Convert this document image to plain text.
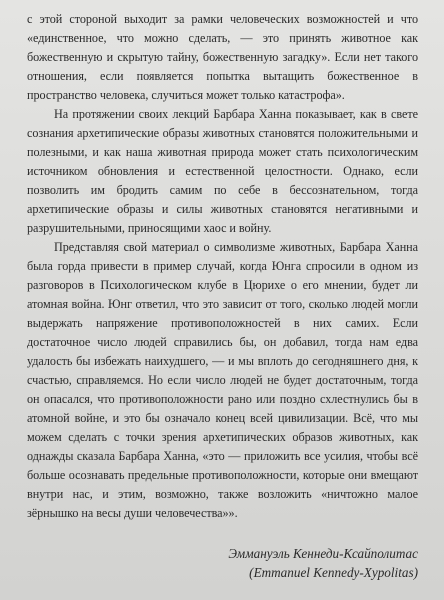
с этой стороной выходит за рамки человеческих возможностей и что «единственное, что можно сделать, — это принять животное как божественную и скрытую тайну, божественную загадку». Если нет такого отношения, если появляется попытка вытащить божественное в пространство человека, случиться может только катастрофа».

На протяжении своих лекций Барбара Ханна показывает, как в свете сознания архетипические образы животных становятся положительными и полезными, и как наша животная природа может стать психологическим источником обновления и естественной целостности. Однако, если позволить им бродить самим по себе в бессознательном, тогда архетипические образы и силы животных становятся негативными и разрушительными, приносящими хаос и войну.

Представляя свой материал о символизме животных, Барбара Ханна была горда привести в пример случай, когда Юнга спросили в одном из разговоров в Психологическом клубе в Цюрихе о его мнении, будет ли атомная война. Юнг ответил, что это зависит от того, сколько людей могли выдержать напряжение противоположностей в них самих. Если достаточное число людей справились бы, он добавил, тогда нам едва удалость бы избежать наихудшего, — и мы вплоть до сегодняшнего дня, к счастью, справляемся. Но если число людей не будет достаточным, тогда он опасался, что противоположности рано или поздно схлестнулись бы в атомной войне, и это бы означало конец всей цивилизации. Всё, что мы можем сделать с точки зрения архетипических образов животных, как однажды сказала Барбара Ханна, «это — приложить все усилия, чтобы всё больше осознавать предельные противоположности, которые они вмещают внутри нас, и этим, возможно, также возложить «ничтожно малое зёрнышко на весы души человечества»».

Эммануэль Кеннеди-Ксайполитас
(Emmanuel Kennedy-Xypolitas)
